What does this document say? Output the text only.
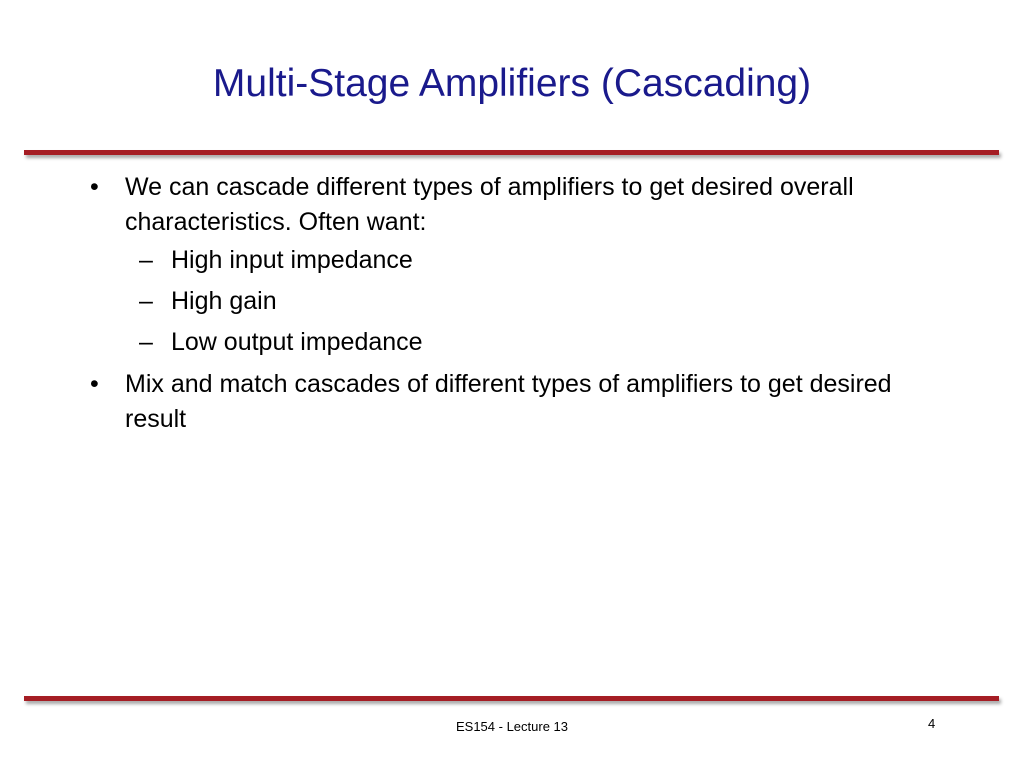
Multi-Stage Amplifiers (Cascading)
• We can cascade different types of amplifiers to get desired overall characteristics. Often want:
– High input impedance
– High gain
– Low output impedance
• Mix and match cascades of different types of amplifiers to get desired result
ES154 - Lecture 13	4
